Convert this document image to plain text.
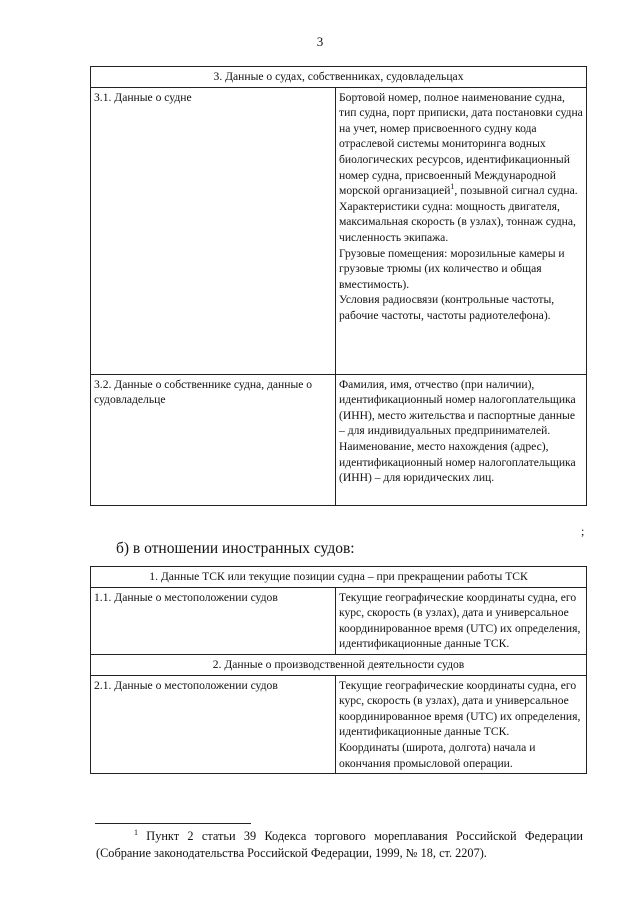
3
3. Данные о судах, собственниках, судовладельцах	
3.1. Данные о судне	Бортовой номер, полное наименование судна, тип судна, порт приписки, дата постановки судна на учет, номер присвоенного судну кода отраслевой системы мониторинга водных биологических ресурсов, идентификационный номер судна, присвоенный Международной морской организацией$^1$, позывной сигнал судна.
Характеристики судна: мощность двигателя, максимальная скорость (в узлах), тоннаж судна, численность экипажа.
Грузовые помещения: морозильные камеры и грузовые трюмы (их количество и общая вместимость).
Условия радиосвязи (контрольные частоты, рабочие частоты, частоты радиотелефона).

3.2. Данные о собственнике судна, данные о судовладельце	Фамилия, имя, отчество (при наличии), идентификационный номер налогоплательщика (ИНН), место жительства и паспортные данные – для индивидуальных предпринимателей.
Наименование, место нахождения (адрес), идентификационный номер налогоплательщика (ИНН) – для юридических лиц.
;
б) в отношении иностранных судов:
1. Данные ТСК или текущие позиции судна – при прекращении работы ТСК	
1.1. Данные о местоположении судов	Текущие географические координаты судна, его курс, скорость (в узлах), дата и универсальное координированное время (UTC) их определения, идентификационные данные ТСК.

2. Данные о производственной деятельности судов	
2.1. Данные о местоположении судов	Текущие географические координаты судна, его курс, скорость (в узлах), дата и универсальное координированное время (UTC) их определения, идентификационные данные ТСК.
Координаты (широта, долгота) начала и окончания промысловой операции.
$^1$ Пункт 2 статьи 39 Кодекса торгового мореплавания Российской Федерации (Собрание законодательства Российской Федерации, 1999, № 18, ст. 2207).
